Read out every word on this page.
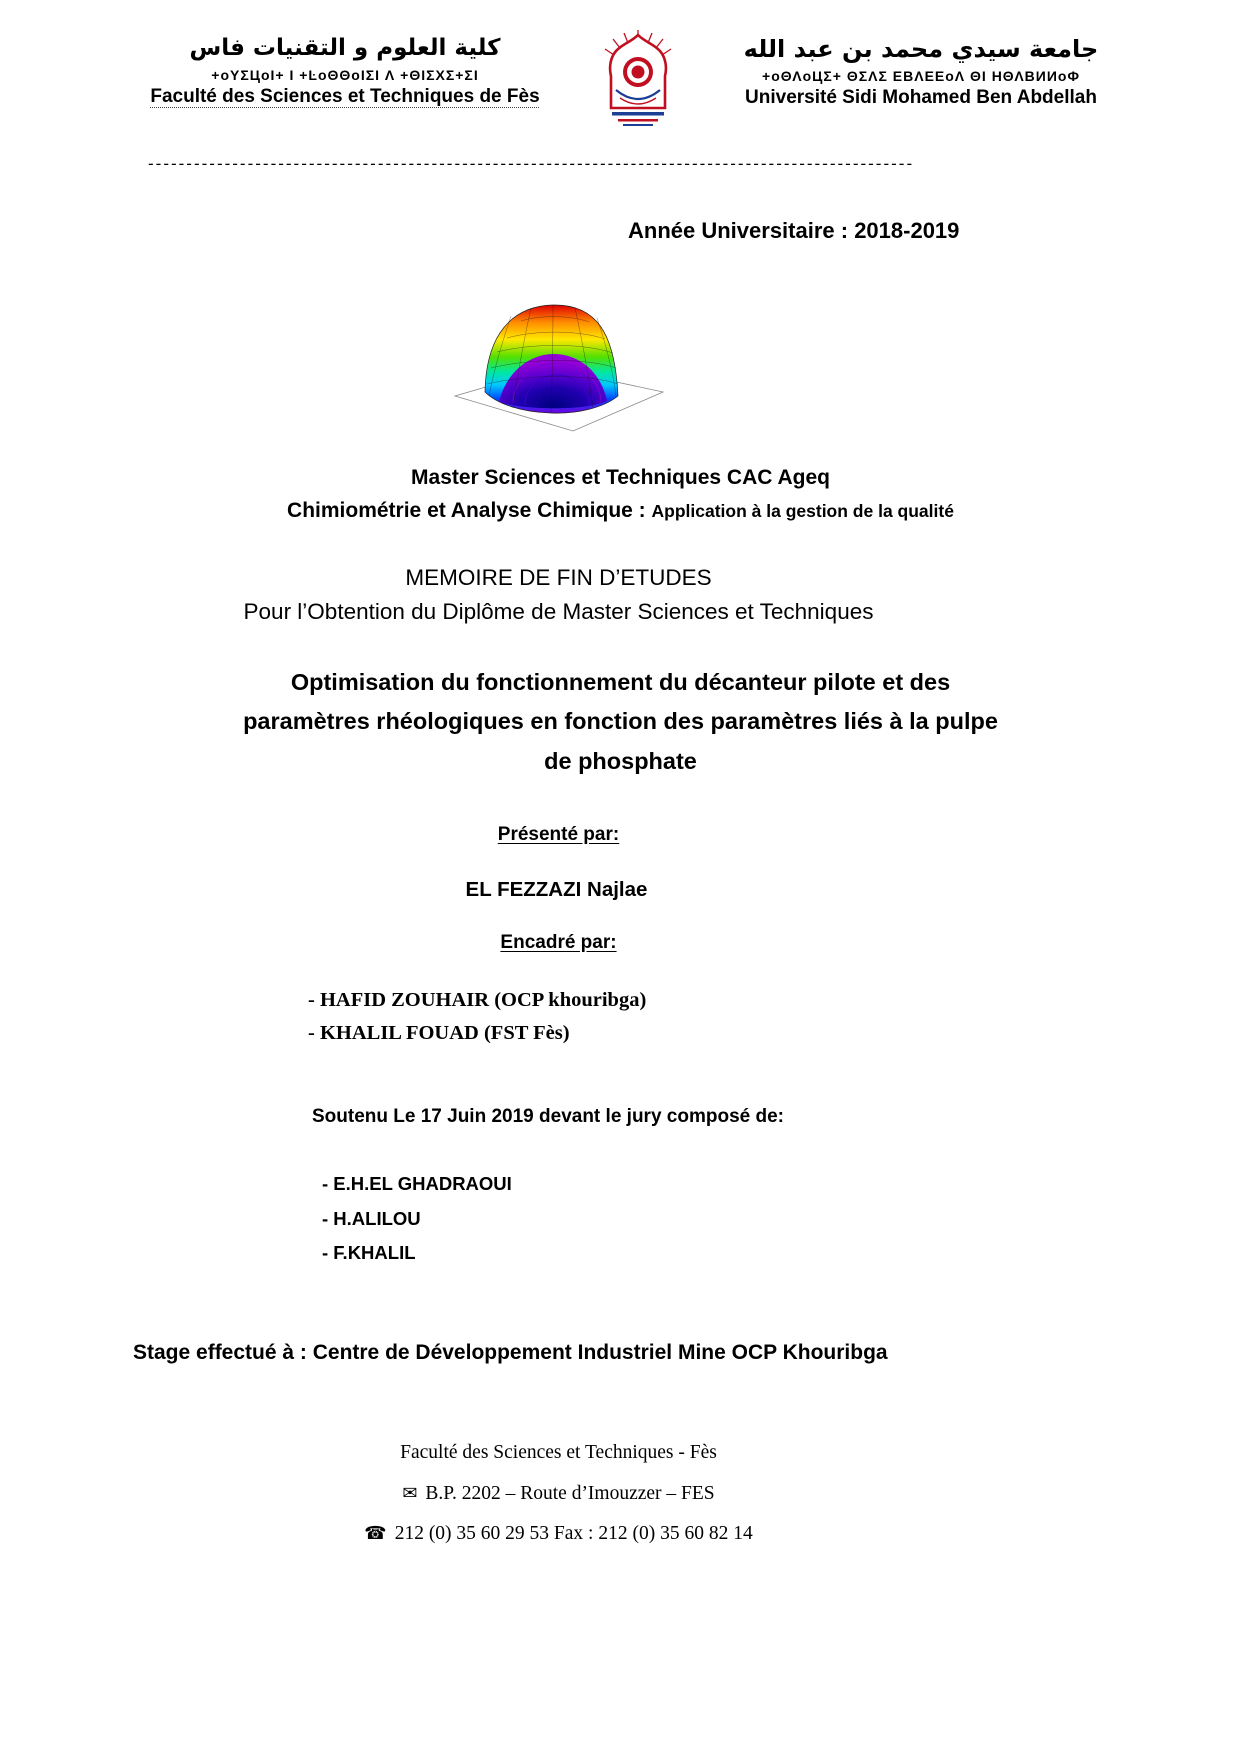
كلية العلوم و التقنيات فاس
+oYΣЦoI+ I +ĿoΘΘoIΣI Λ +ΘIΣXΣ+ΣI
Faculté des Sciences et Techniques de Fès
جامعة سيدي محمد بن عبد الله
+oΘΛoЦΣ+ ΘΣΛΣ ΕΒΛΕΕoΛ ΘΙ ΗΘΛΒИИoΦ
Université Sidi Mohamed Ben Abdellah
----------------------------------------------------------------------------------------------------
Année Universitaire : 2018-2019
Master Sciences et Techniques CAC Ageq
Chimiométrie et Analyse Chimique : Application à la gestion de la qualité
MEMOIRE DE FIN D’ETUDES
Pour l’Obtention du Diplôme de Master Sciences et Techniques
Optimisation du fonctionnement du décanteur pilote et des
paramètres rhéologiques en fonction des paramètres liés à la pulpe
de phosphate
Présenté par:
EL FEZZAZI Najlae
Encadré par:
- HAFID ZOUHAIR (OCP khouribga)
- KHALIL FOUAD (FST Fès)
Soutenu Le 17 Juin 2019 devant le jury composé de:
- E.H.EL GHADRAOUI
- H.ALILOU
- F.KHALIL
Stage effectué à : Centre de Développement Industriel Mine OCP Khouribga
Faculté des Sciences et Techniques - Fès
✉ B.P. 2202 – Route d’Imouzzer – FES
☎ 212 (0) 35 60 29 53 Fax : 212 (0) 35 60 82 14
